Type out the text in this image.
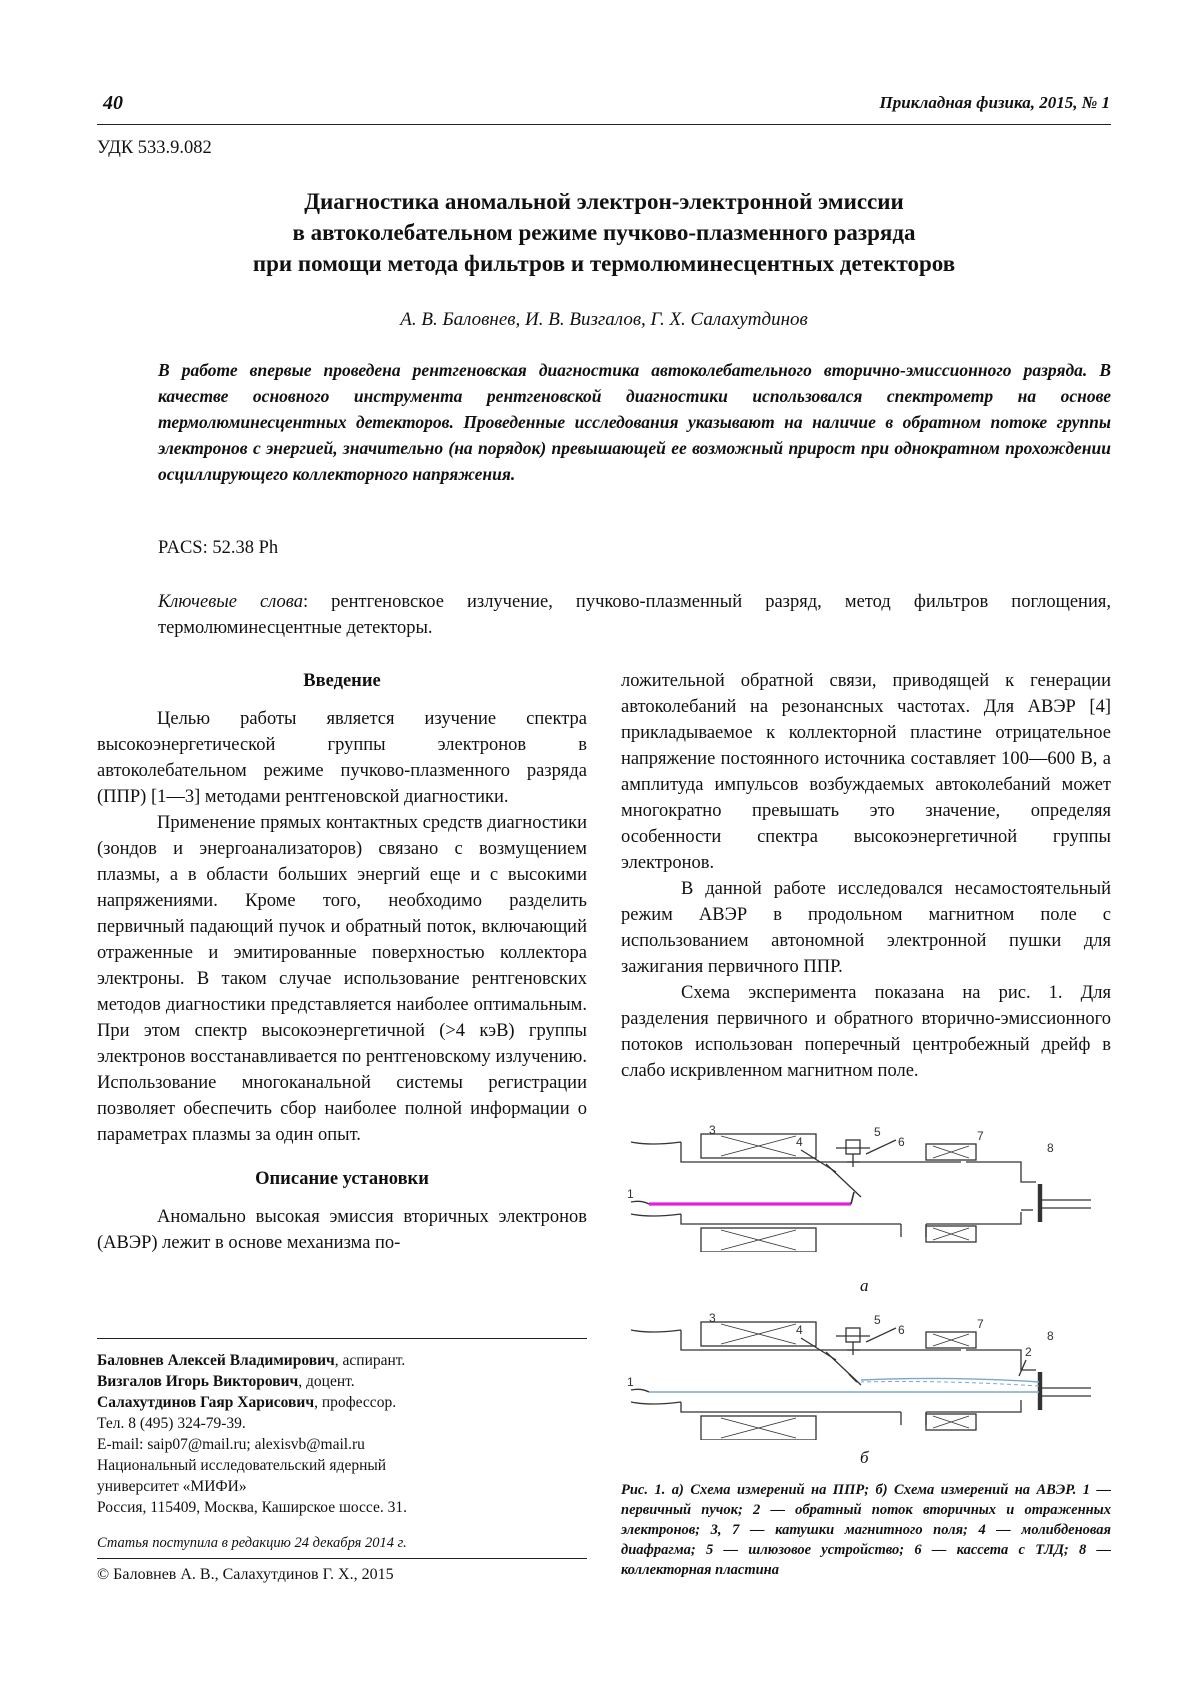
40	Прикладная физика, 2015, № 1
УДК 533.9.082
Диагностика аномальной электрон-электронной эмиссии
в автоколебательном режиме пучково-плазменного разряда
при помощи метода фильтров и термолюминесцентных детекторов
А. В. Баловнев, И. В. Визгалов, Г. Х. Салахутдинов
В работе впервые проведена рентгеновская диагностика автоколебательного вторично-эмиссионного разряда. В качестве основного инструмента рентгеновской диагностики использовался спектрометр на основе термолюминесцентных детекторов. Проведенные исследования указывают на наличие в обратном потоке группы электронов с энергией, значительно (на порядок) превышающей ее возможный прирост при однократном прохождении осциллирующего коллекторного напряжения.
PACS: 52.38 Ph
Ключевые слова: рентгеновское излучение, пучково-плазменный разряд, метод фильтров поглощения, термолюминесцентные детекторы.

Введение

Целью работы является изучение спектра высокоэнергетической группы электронов в автоколебательном режиме пучково-плазменного разряда (ППР) [1—3] методами рентгеновской диагностики.

Применение прямых контактных средств диагностики (зондов и энергоанализаторов) связано с возмущением плазмы, а в области больших энергий еще и с высокими напряжениями. Кроме того, необходимо разделить первичный падающий пучок и обратный поток, включающий отраженные и эмитированные поверхностью коллектора электроны. В таком случае использование рентгеновских методов диагностики представляется наиболее оптимальным. При этом спектр высокоэнергетичной (>4 кэВ) группы электронов восстанавливается по рентгеновскому излучению. Использование многоканальной системы регистрации позволяет обеспечить сбор наиболее полной информации о параметрах плазмы за один опыт.

Описание установки

Аномально высокая эмиссия вторичных электронов (АВЭР) лежит в основе механизма по-

ложительной обратной связи, приводящей к генерации автоколебаний на резонансных частотах. Для АВЭР [4] прикладываемое к коллекторной пластине отрицательное напряжение постоянного источника составляет 100—600 В, а амплитуда импульсов возбуждаемых автоколебаний может многократно превышать это значение, определяя особенности спектра высокоэнергетичной группы электронов.

В данной работе исследовался несамостоятельный режим АВЭР в продольном магнитном поле с использованием автономной электронной пушки для зажигания первичного ППР.

Схема эксперимента показана на рис. 1. Для разделения первичного и обратного вторично-эмиссионного потоков использован поперечный центробежный дрейф в слабо искривленном магнитном поле.

Баловнев Алексей Владимирович, аспирант.
Визгалов Игорь Викторович, доцент.
Салахутдинов Гаяр Харисович, профессор.
Тел. 8 (495) 324-79-39.
E-mail: saip07@mail.ru; alexisvb@mail.ru
Национальный исследовательский ядерный
университет «МИФИ»
Россия, 115409, Москва, Каширское шоссе. 31.
Статья поступила в редакцию 24 декабря 2014 г.
© Баловнев А. В., Салахутдинов Г. Х., 2015
1
3
4
5
6	7
8
а
1
3
4
5
6	7
2
8
б
Рис. 1. а) Схема измерений на ППР; б) Схема измерений на АВЭР. 1 — первичный пучок; 2 — обратный поток вторичных и отраженных электронов; 3, 7 — катушки магнитного поля; 4 — молибденовая диафрагма; 5 — шлюзовое устройство; 6 — кассета с ТЛД; 8 — коллекторная пластина
